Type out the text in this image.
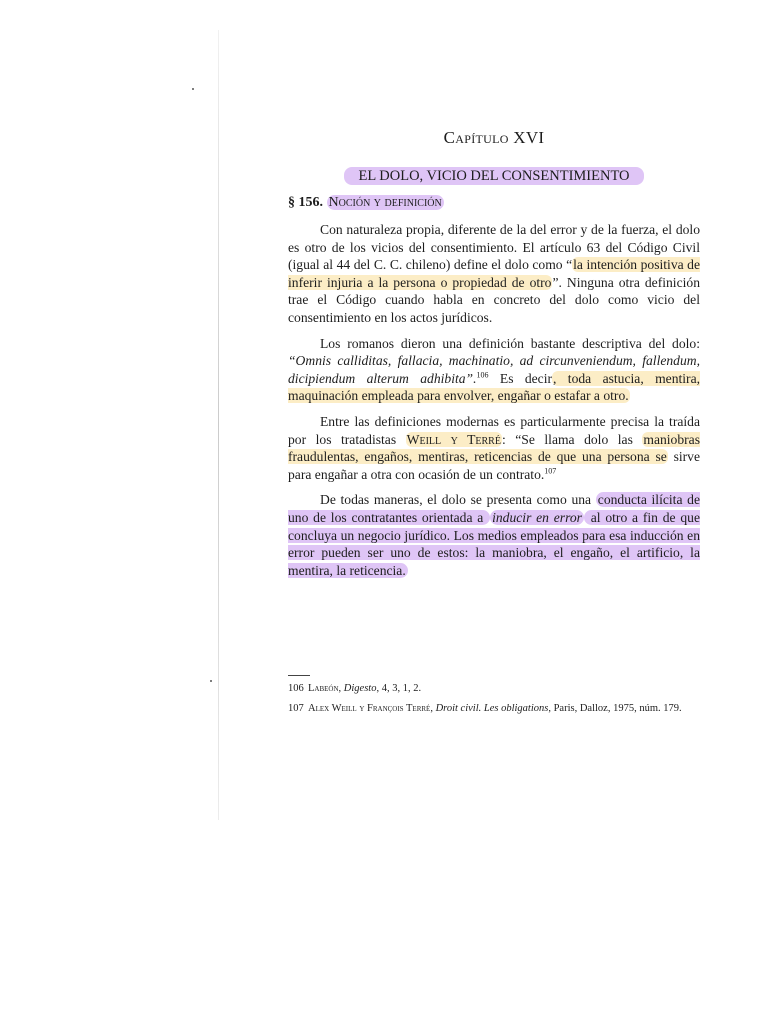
Capítulo XVI
EL DOLO, VICIO DEL CONSENTIMIENTO
§ 156. Noción y definición

Con naturaleza propia, diferente de la del error y de la fuerza, el dolo es otro de los vicios del consentimiento. El artículo 63 del Código Civil (igual al 44 del C. C. chileno) define el dolo como “la intención positiva de inferir injuria a la persona o propiedad de otro”. Ninguna otra definición trae el Código cuando habla en concreto del dolo como vicio del consentimiento en los actos jurídicos.

Los romanos dieron una definición bastante descriptiva del dolo: “Omnis calliditas, fallacia, machinatio, ad circunveniendum, fallendum, dicipiendum alterum adhibita”.$^{106}$ Es decir, toda astucia, mentira, maquinación empleada para envolver, engañar o estafar a otro.

Entre las definiciones modernas es particularmente precisa la traída por los tratadistas Weill y Terré: “Se llama dolo las maniobras fraudulentas, engaños, mentiras, reticencias de que una persona se sirve para engañar a otra con ocasión de un contrato.$^{107}$

De todas maneras, el dolo se presenta como una conducta ilícita de uno de los contratantes orientada a inducir en error al otro a fin de que concluya un negocio jurídico. Los medios empleados para esa inducción en error pueden ser uno de estos: la maniobra, el engaño, el artificio, la mentira, la reticencia.

106 Labeón, Digesto, 4, 3, 1, 2.
107 Alex Weill y François Terré, Droit civil. Les obligations, Paris, Dalloz, 1975, núm. 179.
